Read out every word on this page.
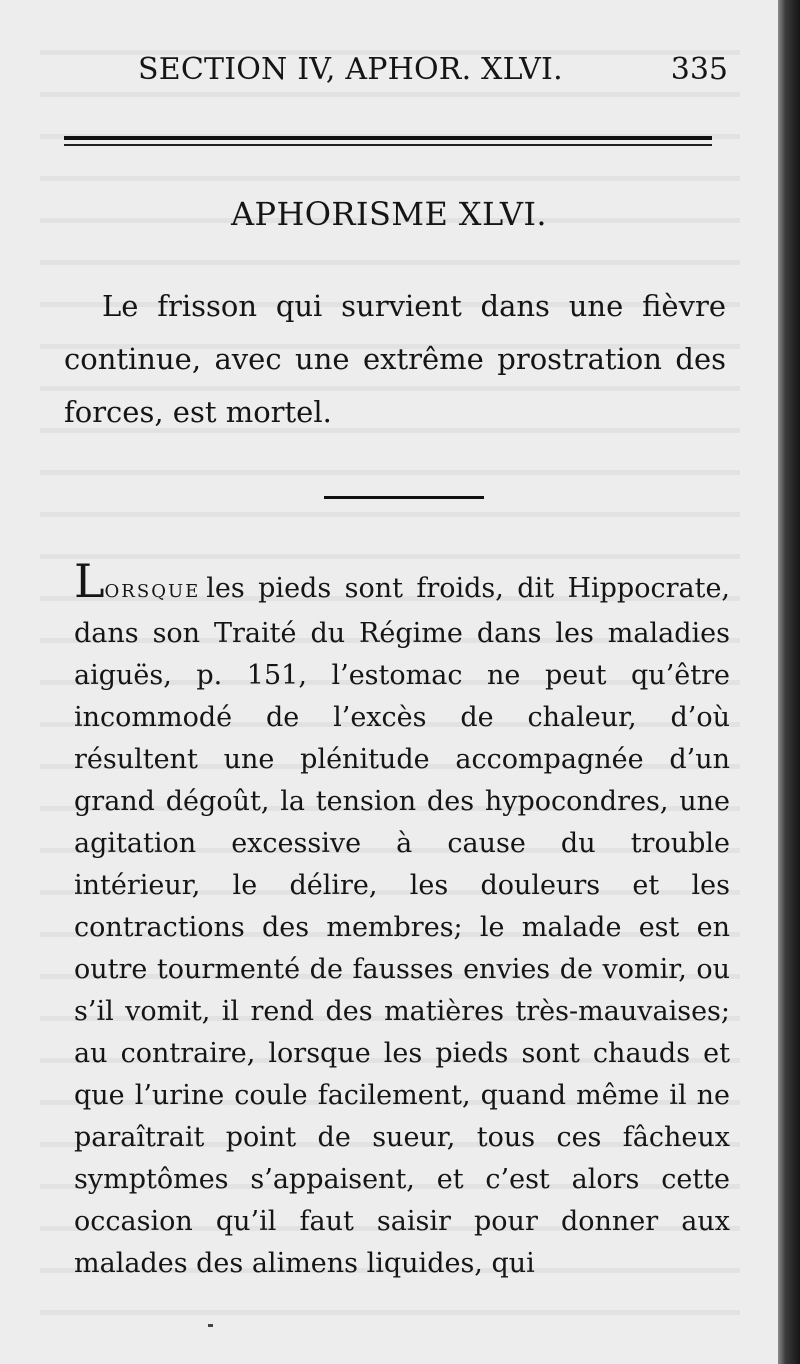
SECTION IV, APHOR. XLVI.	335
APHORISME XLVI.

Le frisson qui survient dans une fièvre continue, avec une extrême prostration des forces, est mortel.

LORSQUE les pieds sont froids, dit Hippocrate, dans son Traité du Régime dans les maladies aiguës, p. 151, l’estomac ne peut qu’être incommodé de l’excès de chaleur, d’où résultent une plénitude accompagnée d’un grand dégoût, la tension des hypocondres, une agitation excessive à cause du trouble intérieur, le délire, les douleurs et les contractions des membres; le malade est en outre tourmenté de fausses envies de vomir, ou s’il vomit, il rend des matières très-mauvaises; au contraire, lorsque les pieds sont chauds et que l’urine coule facilement, quand même il ne paraîtrait point de sueur, tous ces fâcheux symptômes s’appaisent, et c’est alors cette occasion qu’il faut saisir pour donner aux malades des alimens liquides, qui
